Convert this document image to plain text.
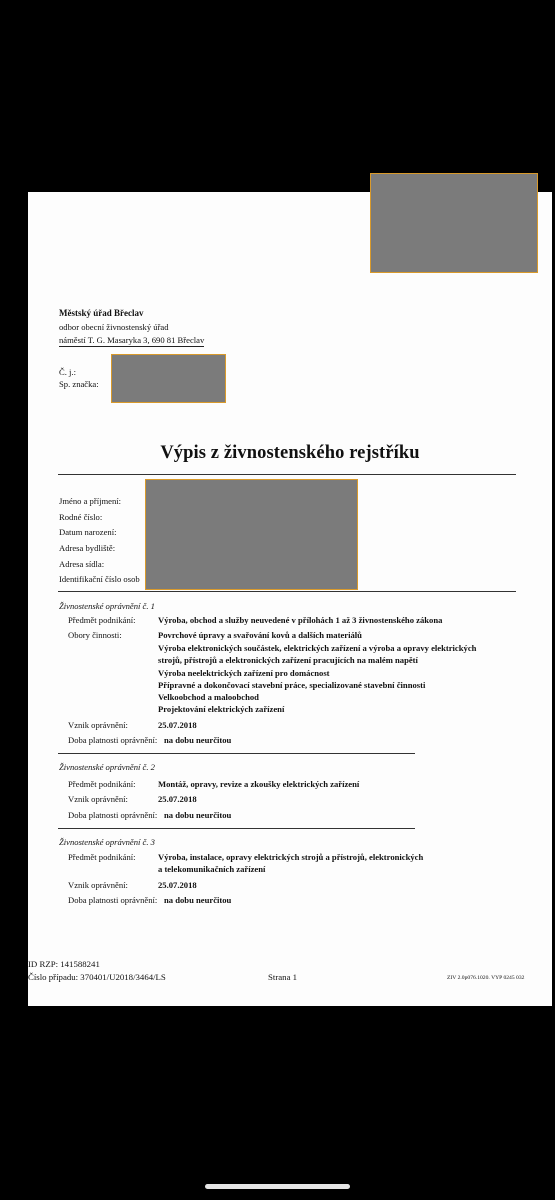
Městský úřad Břeclav
odbor obecní živnostenský úřad
náměstí T. G. Masaryka 3, 690 81 Břeclav
Č. j.:
Sp. značka:
Výpis z živnostenského rejstříku
Jméno a příjmení:
Rodné číslo:
Datum narození:
Adresa bydliště:
Adresa sídla:
Identifikační číslo osob
Živnostenské oprávnění č. 1
Předmět podnikání:	Výroba, obchod a služby neuvedené v přílohách 1 až 3 živnostenského zákona
Obory činnosti:	Povrchové úpravy a svařování kovů a dalších materiálů
Výroba elektronických součástek, elektrických zařízení a výroba a opravy elektrických
strojů, přístrojů a elektronických zařízení pracujících na malém napětí
Výroba neelektrických zařízení pro domácnost
Přípravné a dokončovací stavební práce, specializované stavební činnosti
Velkoobchod a maloobchod
Projektování elektrických zařízení
Vznik oprávnění:	25.07.2018
Doba platnosti oprávnění: na dobu neurčitou
Živnostenské oprávnění č. 2
Předmět podnikání:	Montáž, opravy, revize a zkoušky elektrických zařízení
Vznik oprávnění:	25.07.2018
Doba platnosti oprávnění: na dobu neurčitou
Živnostenské oprávnění č. 3
Předmět podnikání:	Výroba, instalace, opravy elektrických strojů a přístrojů, elektronických
a telekomunikačních zařízení
Vznik oprávnění:	25.07.2018
Doba platnosti oprávnění: na dobu neurčitou
ID RZP: 141588241
Číslo případu: 370401/U2018/3464/LS	Strana 1	ZIV 2.0p076.1020. VYP 0245 032
